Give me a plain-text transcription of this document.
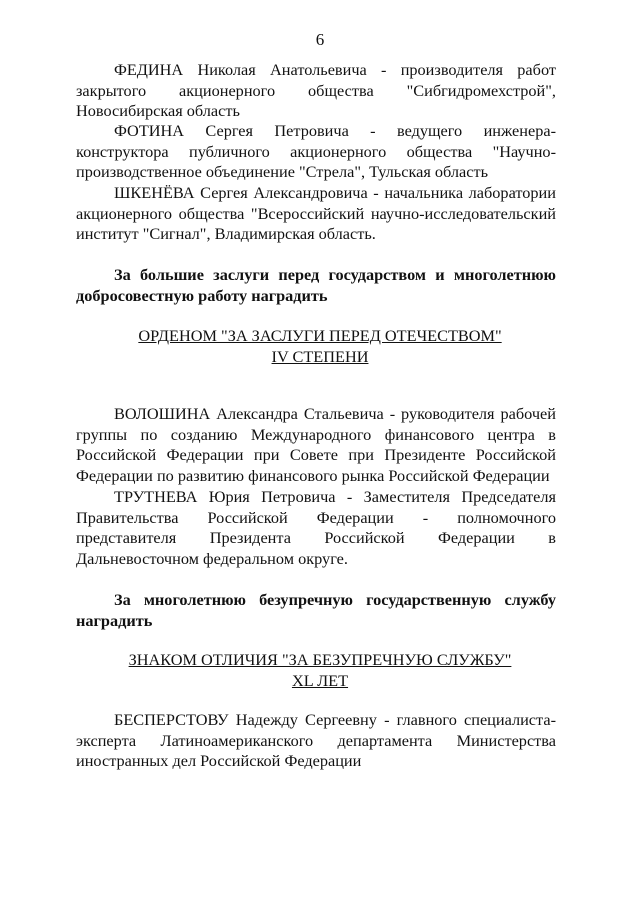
6

ФЕДИНА Николая Анатольевича - производителя работ закрытого акционерного общества "Сибгидромехстрой", Новосибирская область

ФОТИНА Сергея Петровича - ведущего инженера-конструктора публичного акционерного общества "Научно-производственное объединение "Стрела", Тульская область

ШКЕНЁВА Сергея Александровича - начальника лаборатории акционерного общества "Всероссийский научно-исследовательский институт "Сигнал", Владимирская область.

За большие заслуги перед государством и многолетнюю добросовестную работу наградить

ОРДЕНОМ "ЗА ЗАСЛУГИ ПЕРЕД ОТЕЧЕСТВОМ"
IV СТЕПЕНИ

ВОЛОШИНА Александра Стальевича - руководителя рабочей группы по созданию Международного финансового центра в Российской Федерации при Совете при Президенте Российской Федерации по развитию финансового рынка Российской Федерации

ТРУТНЕВА Юрия Петровича - Заместителя Председателя Правительства Российской Федерации - полномочного представителя Президента Российской Федерации в Дальневосточном федеральном округе.

За многолетнюю безупречную государственную службу наградить

ЗНАКОМ ОТЛИЧИЯ "ЗА БЕЗУПРЕЧНУЮ СЛУЖБУ"
XL ЛЕТ

БЕСПЕРСТОВУ Надежду Сергеевну - главного специалиста-эксперта Латиноамериканского департамента Министерства иностранных дел Российской Федерации
